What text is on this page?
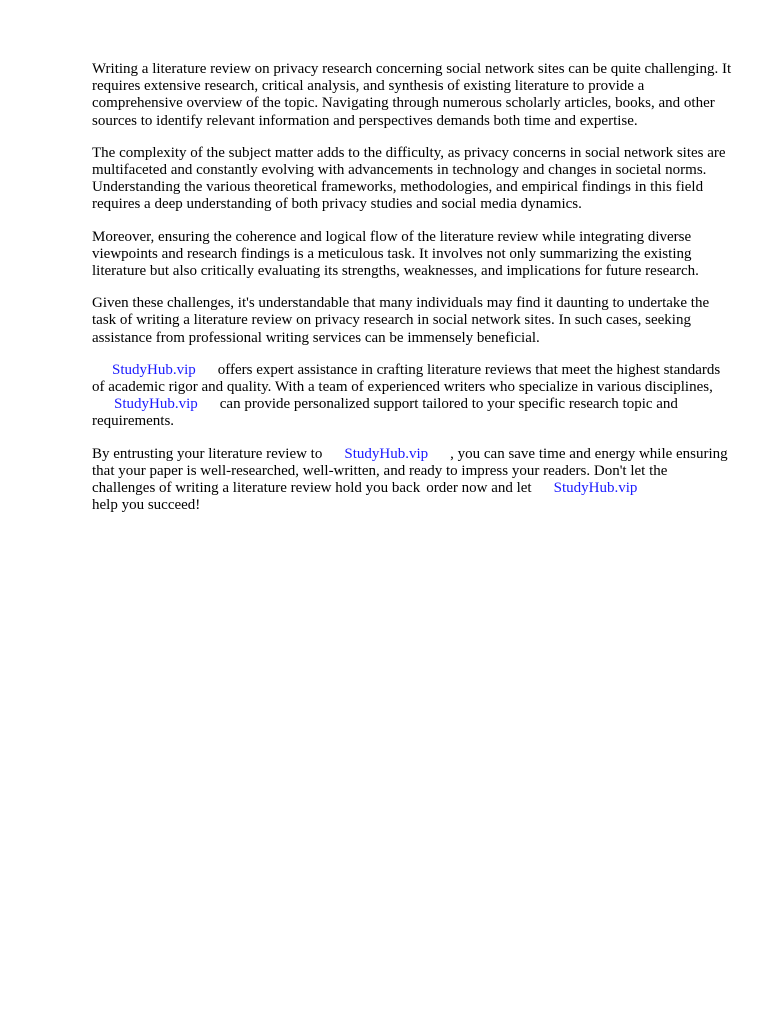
Writing a literature review on privacy research concerning social network sites can be quite challenging. It requires extensive research, critical analysis, and synthesis of existing literature to provide a comprehensive overview of the topic. Navigating through numerous scholarly articles, books, and other sources to identify relevant information and perspectives demands both time and expertise.

The complexity of the subject matter adds to the difficulty, as privacy concerns in social network sites are multifaceted and constantly evolving with advancements in technology and changes in societal norms. Understanding the various theoretical frameworks, methodologies, and empirical findings in this field requires a deep understanding of both privacy studies and social media dynamics.

Moreover, ensuring the coherence and logical flow of the literature review while integrating diverse viewpoints and research findings is a meticulous task. It involves not only summarizing the existing literature but also critically evaluating its strengths, weaknesses, and implications for future research.

Given these challenges, it's understandable that many individuals may find it daunting to undertake the task of writing a literature review on privacy research in social network sites. In such cases, seeking assistance from professional writing services can be immensely beneficial.

StudyHub.vip offers expert assistance in crafting literature reviews that meet the highest standards of academic rigor and quality. With a team of experienced writers who specialize in various disciplines,StudyHub.vip can provide personalized support tailored to your specific research topic and requirements.

By entrusting your literature review to StudyHub.vip , you can save time and energy while ensuring that your paper is well-researched, well-written, and ready to impress your readers. Don't let the challenges of writing a literature review hold you back order now and let StudyHub.vip
help you succeed!
